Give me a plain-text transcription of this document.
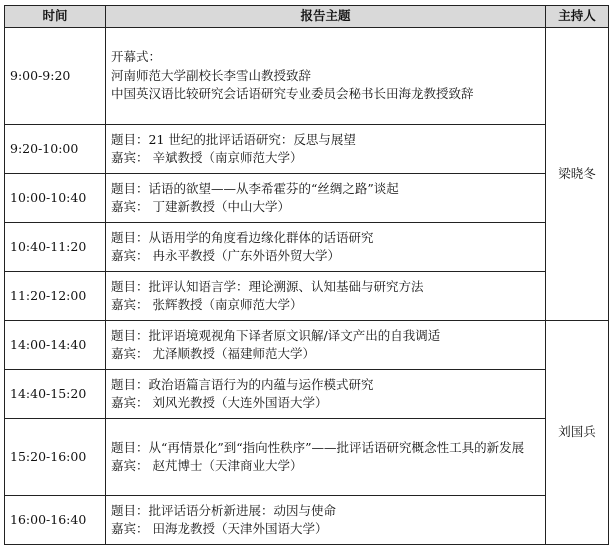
时间	报告主题	主持人
9:00-9:20	开幕式：
河南师范大学副校长李雪山教授致辞
中国英汉语比较研究会话语研究专业委员会秘书长田海龙教授致辞	梁晓冬
9:20-10:00	题目：21 世纪的批评话语研究：反思与展望
嘉宾： 辛斌教授（南京师范大学）	

10:00-10:40	题目：话语的欲望——从李希霍芬的“丝绸之路”谈起
嘉宾： 丁建新教授（中山大学）	

10:40-11:20	题目：从语用学的角度看边缘化群体的话语研究
嘉宾： 冉永平教授（广东外语外贸大学）	

11:20-12:00	题目：批评认知语言学：理论溯源、认知基础与研究方法
嘉宾： 张辉教授（南京师范大学）	

14:00-14:40	题目：批评语境观视角下译者原文识解/译文产出的自我调适
嘉宾： 尤泽顺教授（福建师范大学）	刘国兵
14:40-15:20	题目：政治语篇言语行为的内蕴与运作模式研究
嘉宾： 刘风光教授（大连外国语大学）	

15:20-16:00	题目：从“再情景化”到“指向性秩序”——批评话语研究概念性工具的新发展
嘉宾： 赵芃博士（天津商业大学）	

16:00-16:40	题目：批评话语分析新进展：动因与使命
嘉宾： 田海龙教授（天津外国语大学）	
